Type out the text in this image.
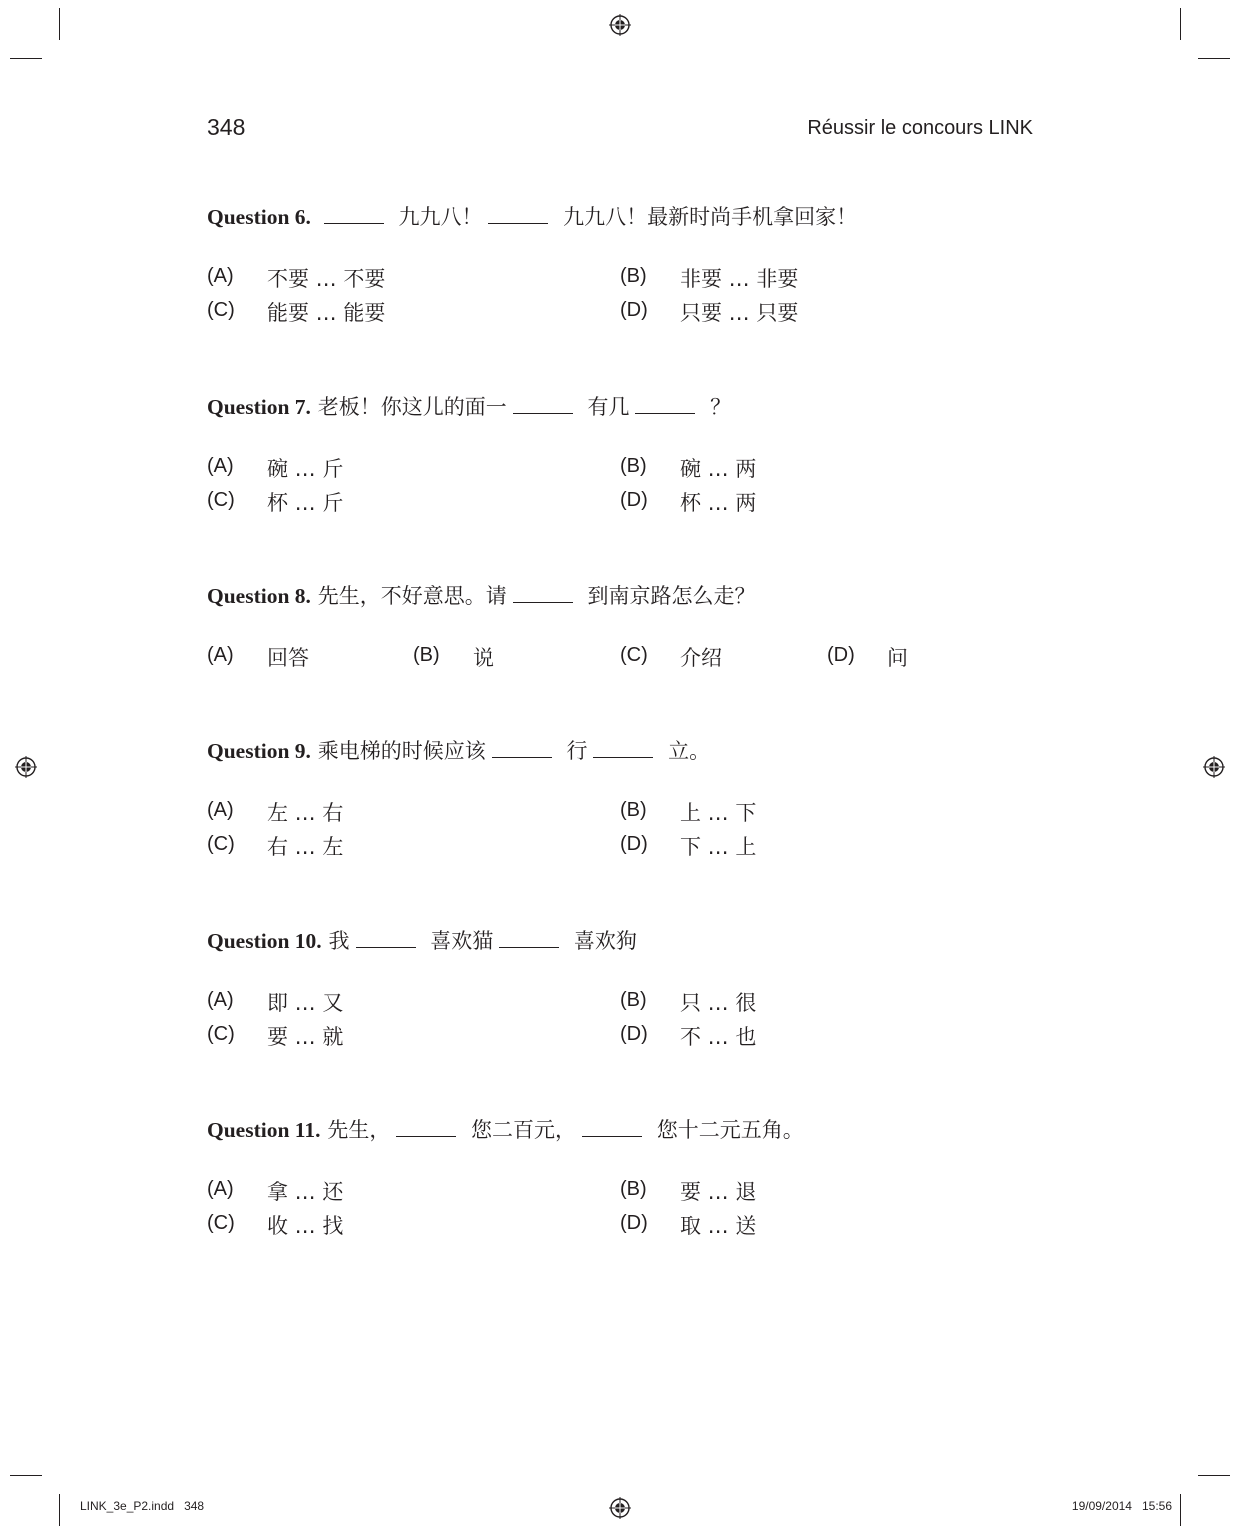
348	Réussir le concours LINK
Question 6.	九九八！	九九八！最新时尚手机拿回家！
(A) 不要 … 不要	(B) 非要 … 非要
(C) 能要 … 能要	(D) 只要 … 只要
Question 7. 老板！你这儿的面一	有几	？
(A) 碗 … 斤	(B) 碗 … 两
(C) 杯 … 斤	(D) 杯 … 两
Question 8. 先生，不好意思。请	到南京路怎么走？
(A) 回答	(B) 说	(C) 介绍	(D) 问
Question 9. 乘电梯的时候应该	行	立。
(A) 左 … 右	(B) 上 … 下
(C) 右 … 左	(D) 下 … 上
Question 10. 我	喜欢猫	喜欢狗
(A) 即 … 又	(B) 只 … 很
(C) 要 … 就	(D) 不 … 也
Question 11. 先生，	您二百元，	您十二元五角。
(A) 拿 … 还	(B) 要 … 退
(C) 收 … 找	(D) 取 … 送
LINK_3e_P2.indd   348	19/09/2014   15:56
